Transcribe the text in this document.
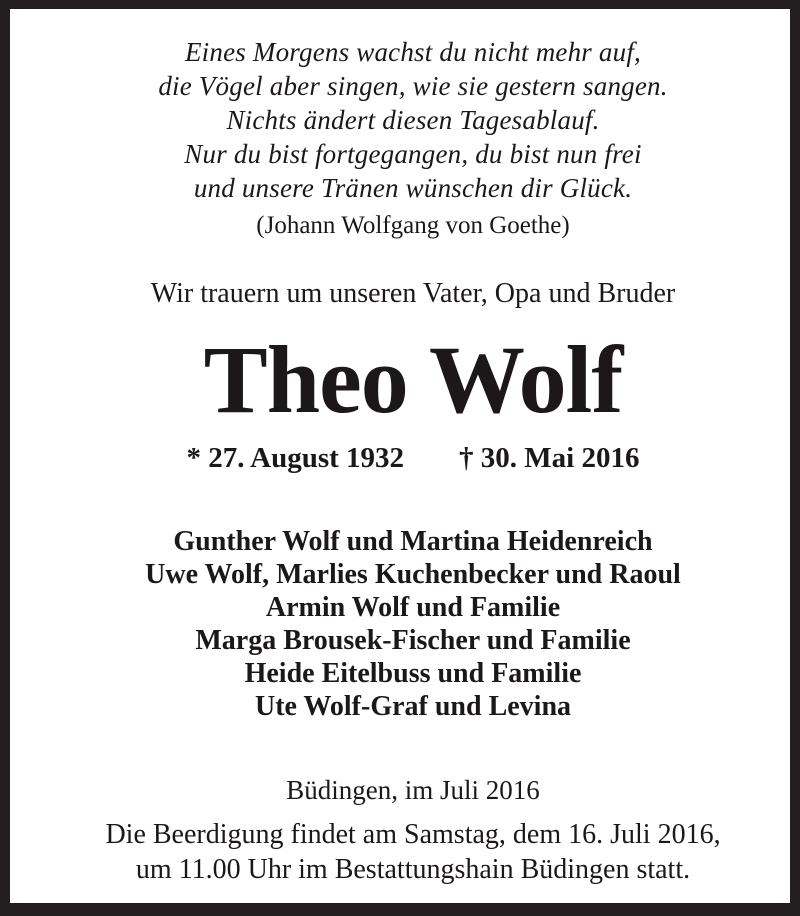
Eines Morgens wachst du nicht mehr auf,
die Vögel aber singen, wie sie gestern sangen.
Nichts ändert diesen Tagesablauf.
Nur du bist fortgegangen, du bist nun frei
und unsere Tränen wünschen dir Glück.
(Johann Wolfgang von Goethe)
Wir trauern um unseren Vater, Opa und Bruder
Theo Wolf
* 27. August 1932 † 30. Mai 2016
Gunther Wolf und Martina Heidenreich
Uwe Wolf, Marlies Kuchenbecker und Raoul
Armin Wolf und Familie
Marga Brousek-Fischer und Familie
Heide Eitelbuss und Familie
Ute Wolf-Graf und Levina
Büdingen, im Juli 2016
Die Beerdigung findet am Samstag, dem 16. Juli 2016,
um 11.00 Uhr im Bestattungshain Büdingen statt.
